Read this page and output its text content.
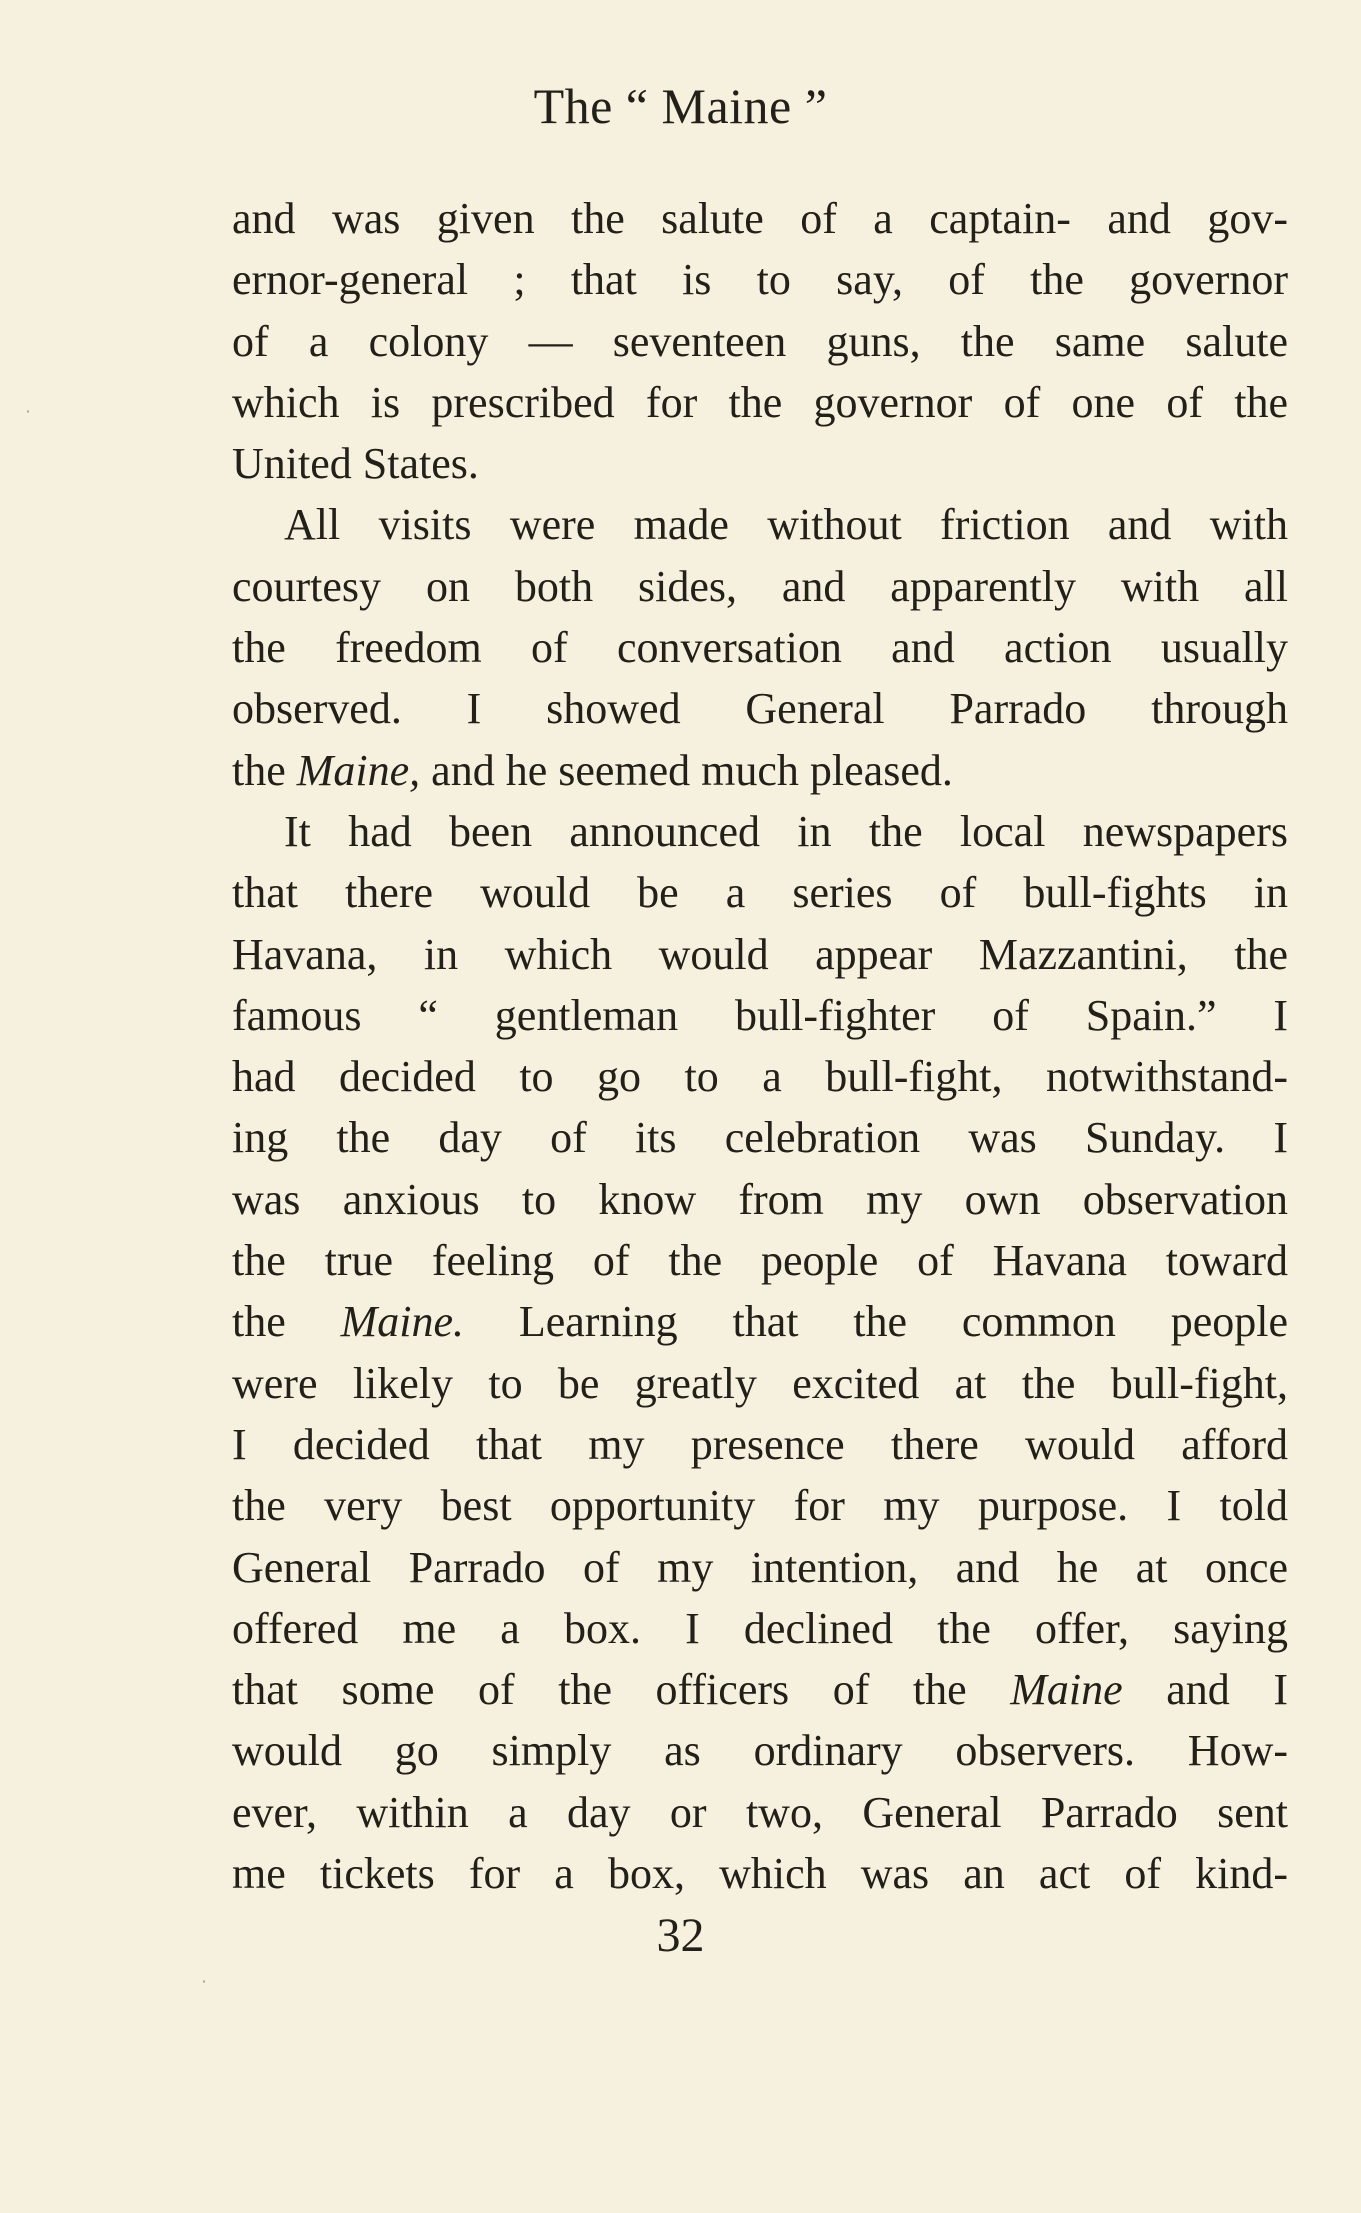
The “ Maine ”
and was given the salute of a captain- and gov-
ernor-general ; that is to say, of the governor
of a colony — seventeen guns, the same salute
which is prescribed for the governor of one of the
United States.
All visits were made without friction and with
courtesy on both sides, and apparently with all
the freedom of conversation and action usually
observed. I showed General Parrado through
the Maine, and he seemed much pleased.
It had been announced in the local newspapers
that there would be a series of bull-fights in
Havana, in which would appear Mazzantini, the
famous “ gentleman bull-fighter of Spain.” I
had decided to go to a bull-fight, notwithstand-
ing the day of its celebration was Sunday. I
was anxious to know from my own observation
the true feeling of the people of Havana toward
the Maine. Learning that the common people
were likely to be greatly excited at the bull-fight,
I decided that my presence there would afford
the very best opportunity for my purpose. I told
General Parrado of my intention, and he at once
offered me a box. I declined the offer, saying
that some of the officers of the Maine and I
would go simply as ordinary observers. How-
ever, within a day or two, General Parrado sent
me tickets for a box, which was an act of kind-
32
